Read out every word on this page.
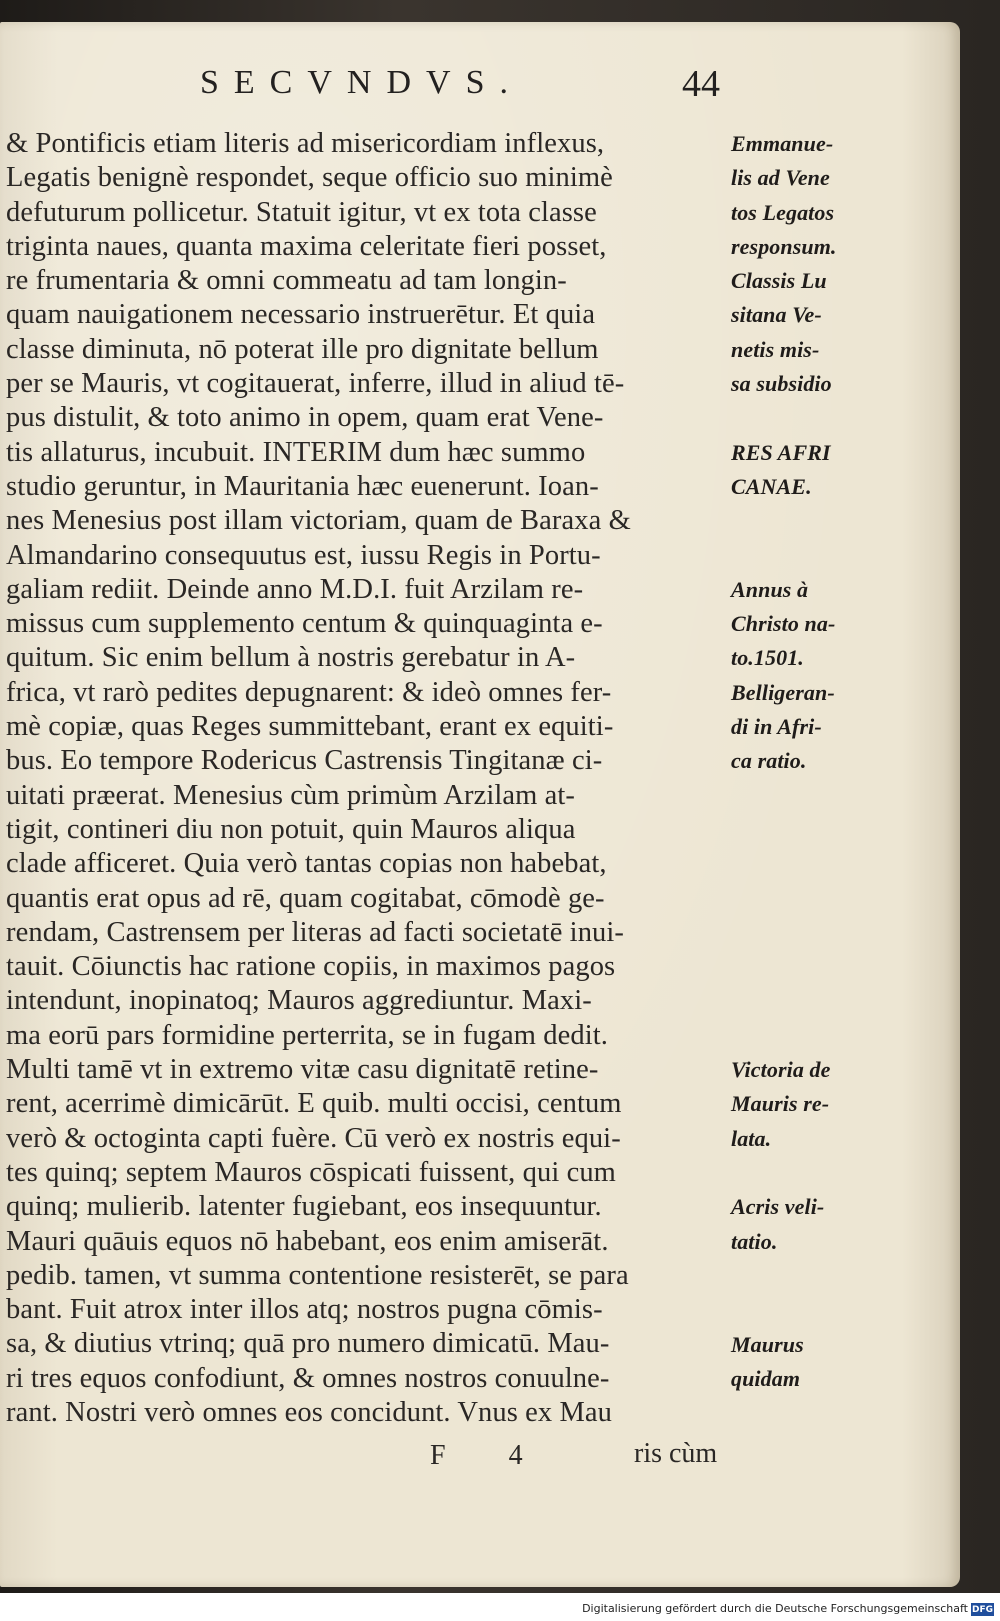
SECVNDVS.	44
& Pontificis etiam literis ad misericordiam inflexus,
Legatis benignè respondet, seque officio suo minimè
defuturum pollicetur. Statuit igitur, vt ex tota classe
triginta naues, quanta maxima celeritate fieri posset,
re frumentaria & omni commeatu ad tam longin-
quam nauigationem necessario instruerētur. Et quia
classe diminuta, nō poterat ille pro dignitate bellum
per se Mauris, vt cogitauerat, inferre, illud in aliud tē-
pus distulit, & toto animo in opem, quam erat Vene-
tis allaturus, incubuit. INTERIM dum hæc summo
studio geruntur, in Mauritania hæc euenerunt. Ioan-
nes Menesius post illam victoriam, quam de Baraxa &
Almandarino consequutus est, iussu Regis in Portu-
galiam rediit. Deinde anno M.D.I. fuit Arzilam re-
missus cum supplemento centum & quinquaginta e-
quitum. Sic enim bellum à nostris gerebatur in A-
frica, vt rarò pedites depugnarent: & ideò omnes fer-
mè copiæ, quas Reges summittebant, erant ex equiti-
bus. Eo tempore Rodericus Castrensis Tingitanæ ci-
uitati præerat. Menesius cùm primùm Arzilam at-
tigit, contineri diu non potuit, quin Mauros aliqua
clade afficeret. Quia verò tantas copias non habebat,
quantis erat opus ad rē, quam cogitabat, cōmodè ge-
rendam, Castrensem per literas ad facti societatē inui-
tauit. Cōiunctis hac ratione copiis, in maximos pagos
intendunt, inopinatoq; Mauros aggrediuntur. Maxi-
ma eorū pars formidine perterrita, se in fugam dedit.
Multi tamē vt in extremo vitæ casu dignitatē retine-
rent, acerrimè dimicārūt. E quib. multi occisi, centum
verò & octoginta capti fuère. Cū verò ex nostris equi-
tes quinq; septem Mauros cōspicati fuissent, qui cum
quinq; mulierib. latenter fugiebant, eos insequuntur.
Mauri quāuis equos nō habebant, eos enim amiserāt.
pedib. tamen, vt summa contentione resisterēt, se para
bant. Fuit atrox inter illos atq; nostros pugna cōmis-
sa, & diutius vtrinq; quā pro numero dimicatū. Mau-
ri tres equos confodiunt, & omnes nostros conuulne-
rant. Nostri verò omnes eos concidunt. Vnus ex Mau
Emmanue-
lis ad Vene
tos Legatos
responsum.
Classis Lu
sitana Ve-
netis mis-
sa subsidio
RES AFRI
CANAE.
Annus à
Christo na-
to.1501.
Belligeran-
di in Afri-
ca ratio.
Victoria de
Mauris re-
lata.
Acris velі-
tatio.
Maurus
quidam
F 4	ris cùm
Digitalisierung gefördert durch die Deutsche Forschungsgemeinschaft DFG
